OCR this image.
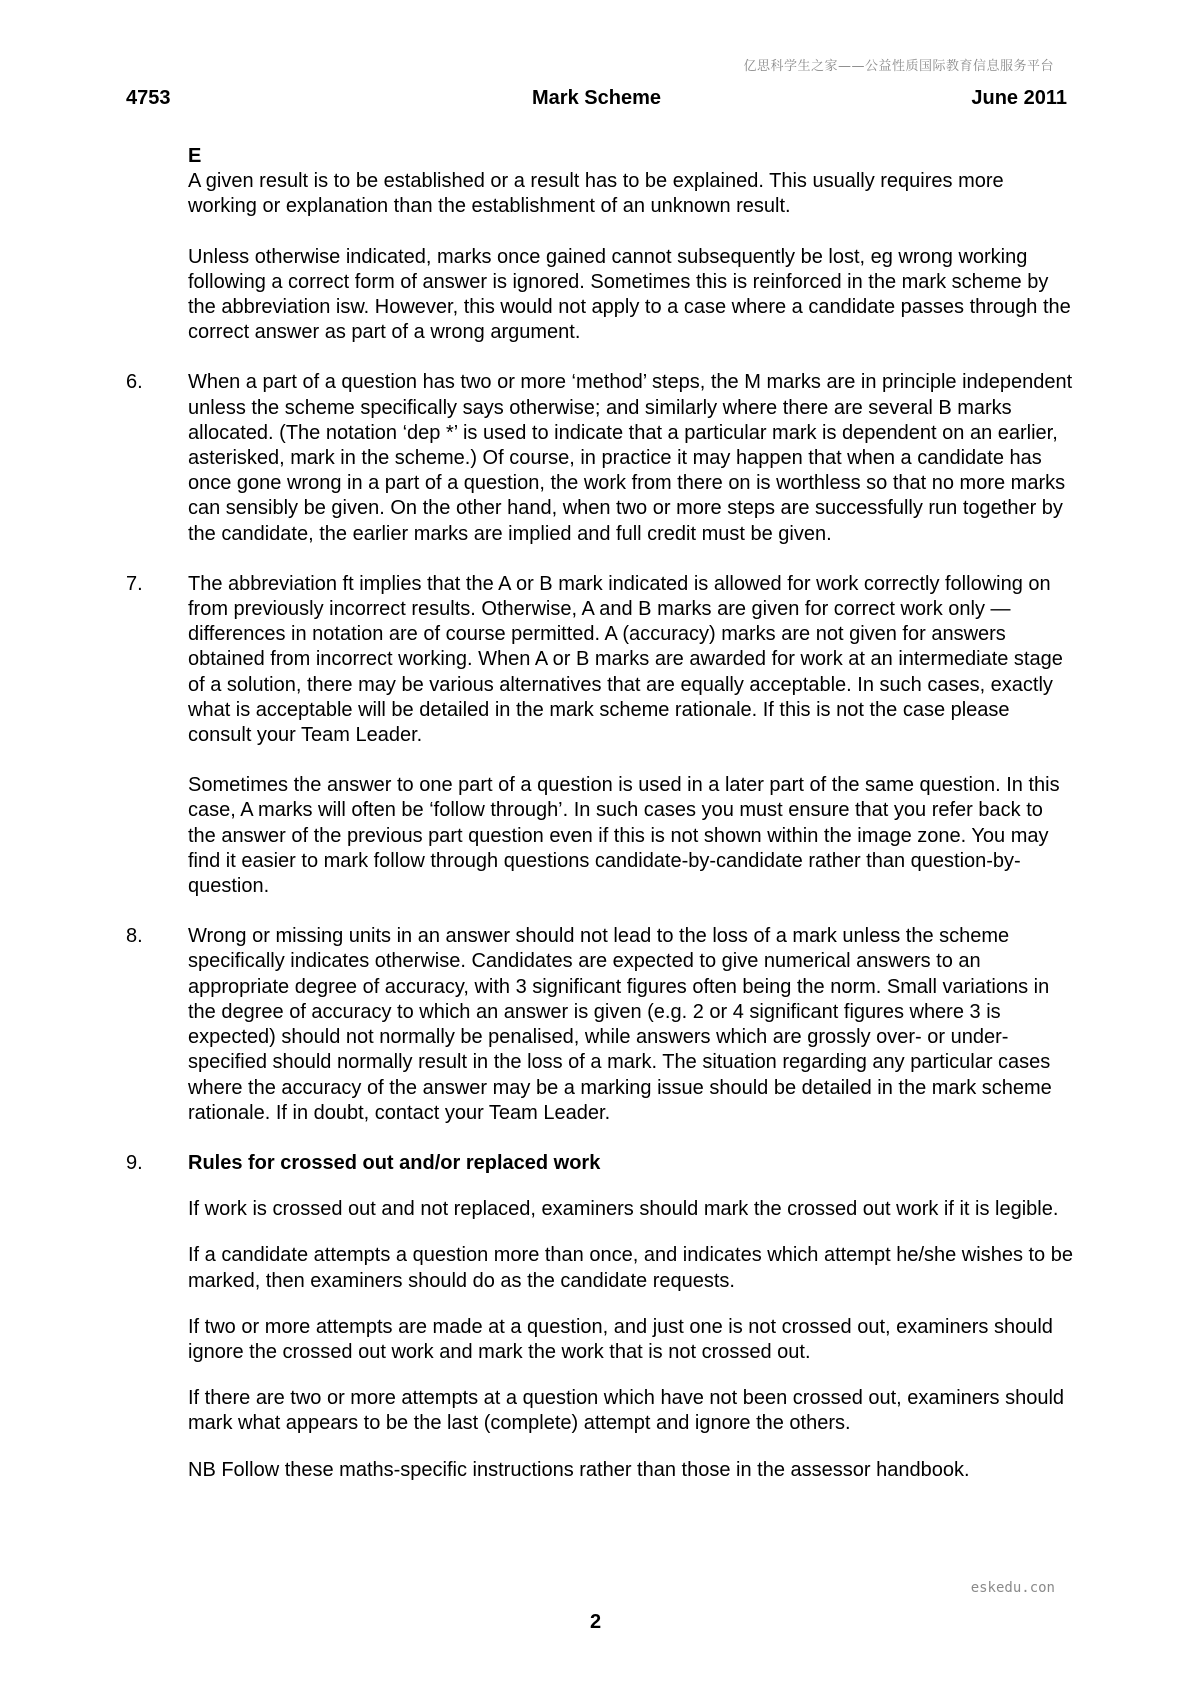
亿思科学生之家——公益性质国际教育信息服务平台
4753	Mark Scheme	June 2011

E

A given result is to be established or a result has to be explained. This usually requires more working or explanation than the establishment of an unknown result.

Unless otherwise indicated, marks once gained cannot subsequently be lost, eg wrong working following a correct form of answer is ignored. Sometimes this is reinforced in the mark scheme by the abbreviation isw. However, this would not apply to a case where a candidate passes through the correct answer as part of a wrong argument.

6. When a part of a question has two or more ‘method’ steps, the M marks are in principle independent unless the scheme specifically says otherwise; and similarly where there are several B marks allocated. (The notation ‘dep *’ is used to indicate that a particular mark is dependent on an earlier, asterisked, mark in the scheme.) Of course, in practice it may happen that when a candidate has once gone wrong in a part of a question, the work from there on is worthless so that no more marks can sensibly be given. On the other hand, when two or more steps are successfully run together by the candidate, the earlier marks are implied and full credit must be given.

7. The abbreviation ft implies that the A or B mark indicated is allowed for work correctly following on from previously incorrect results. Otherwise, A and B marks are given for correct work only — differences in notation are of course permitted. A (accuracy) marks are not given for answers obtained from incorrect working. When A or B marks are awarded for work at an intermediate stage of a solution, there may be various alternatives that are equally acceptable. In such cases, exactly what is acceptable will be detailed in the mark scheme rationale. If this is not the case please consult your Team Leader.

Sometimes the answer to one part of a question is used in a later part of the same question. In this case, A marks will often be ‘follow through’. In such cases you must ensure that you refer back to the answer of the previous part question even if this is not shown within the image zone. You may find it easier to mark follow through questions candidate-by-candidate rather than question-by-question.

8. Wrong or missing units in an answer should not lead to the loss of a mark unless the scheme specifically indicates otherwise. Candidates are expected to give numerical answers to an appropriate degree of accuracy, with 3 significant figures often being the norm. Small variations in the degree of accuracy to which an answer is given (e.g. 2 or 4 significant figures where 3 is expected) should not normally be penalised, while answers which are grossly over- or under-specified should normally result in the loss of a mark. The situation regarding any particular cases where the accuracy of the answer may be a marking issue should be detailed in the mark scheme rationale. If in doubt, contact your Team Leader.

9. Rules for crossed out and/or replaced work

If work is crossed out and not replaced, examiners should mark the crossed out work if it is legible.

If a candidate attempts a question more than once, and indicates which attempt he/she wishes to be marked, then examiners should do as the candidate requests.

If two or more attempts are made at a question, and just one is not crossed out, examiners should ignore the crossed out work and mark the work that is not crossed out.

If there are two or more attempts at a question which have not been crossed out, examiners should mark what appears to be the last (complete) attempt and ignore the others.

NB Follow these maths-specific instructions rather than those in the assessor handbook.

eskedu.con
2
